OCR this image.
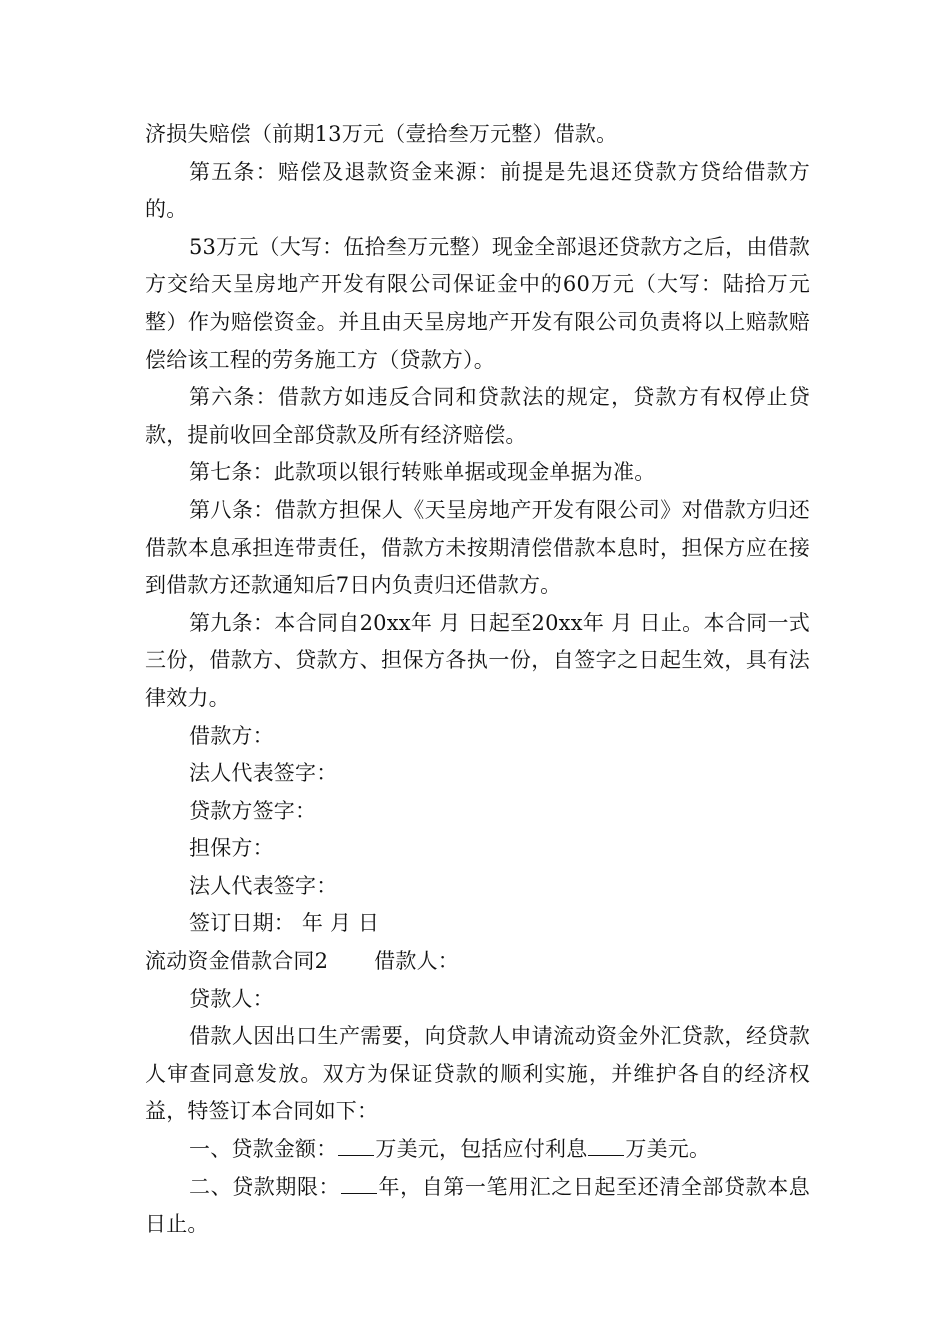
济损失赔偿（前期13万元（壹拾叁万元整）借款。

第五条：赔偿及退款资金来源：前提是先退还贷款方贷给借款方的。

53万元（大写：伍拾叁万元整）现金全部退还贷款方之后，由借款方交给天呈房地产开发有限公司保证金中的60万元（大写：陆拾万元整）作为赔偿资金。并且由天呈房地产开发有限公司负责将以上赔款赔偿给该工程的劳务施工方（贷款方）。

第六条：借款方如违反合同和贷款法的规定，贷款方有权停止贷款，提前收回全部贷款及所有经济赔偿。

第七条：此款项以银行转账单据或现金单据为准。

第八条：借款方担保人《天呈房地产开发有限公司》对借款方归还借款本息承担连带责任，借款方未按期清偿借款本息时，担保方应在接到借款方还款通知后7日内负责归还借款方。

第九条：本合同自20xx年 月 日起至20xx年 月 日止。本合同一式三份，借款方、贷款方、担保方各执一份，自签字之日起生效，具有法律效力。

借款方：

法人代表签字：

贷款方签字：

担保方：

法人代表签字：

签订日期： 年 月 日

流动资金借款合同2 借款人：

贷款人：

借款人因出口生产需要，向贷款人申请流动资金外汇贷款，经贷款人审查同意发放。双方为保证贷款的顺利实施，并维护各自的经济权益，特签订本合同如下：

一、贷款金额： 万美元，包括应付利息 万美元。

二、贷款期限： 年，自第一笔用汇之日起至还清全部贷款本息日止。
